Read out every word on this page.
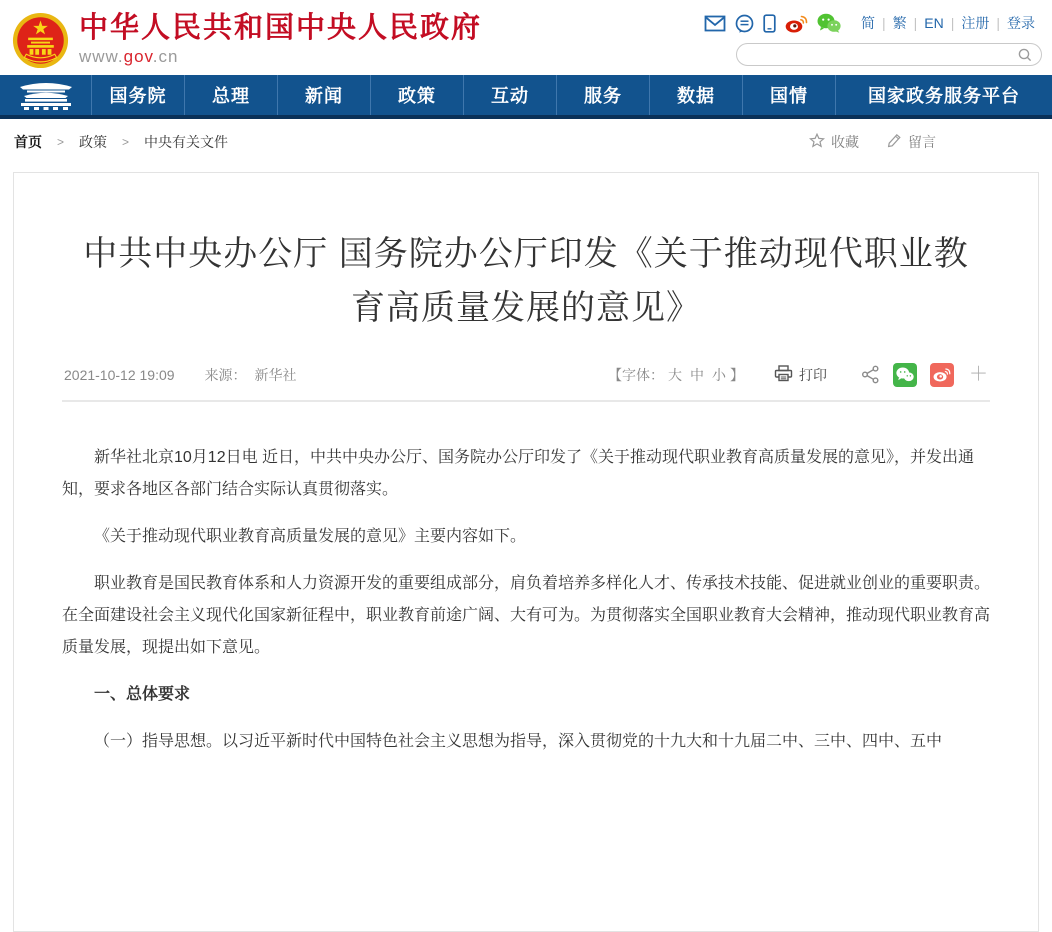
中华人民共和国中央人民政府
www.gov.cn
简 | 繁 | EN | 注册 | 登录
国务院	总理	新闻	政策	互动	服务	数据	国情	国家政务服务平台
首页 > 政策 > 中央有关文件	收藏	留言
中共中央办公厅 国务院办公厅印发《关于推动现代职业教育高质量发展的意见》
2021-10-12 19:09 来源： 新华社	【字体： 大 中 小 】	打印	＋

新华社北京10月12日电 近日，中共中央办公厅、国务院办公厅印发了《关于推动现代职业教育高质量发展的意见》，并发出通知，要求各地区各部门结合实际认真贯彻落实。

《关于推动现代职业教育高质量发展的意见》主要内容如下。

职业教育是国民教育体系和人力资源开发的重要组成部分，肩负着培养多样化人才、传承技术技能、促进就业创业的重要职责。在全面建设社会主义现代化国家新征程中，职业教育前途广阔、大有可为。为贯彻落实全国职业教育大会精神，推动现代职业教育高质量发展，现提出如下意见。

一、总体要求

（一）指导思想。以习近平新时代中国特色社会主义思想为指导，深入贯彻党的十九大和十九届二中、三中、四中、五中
